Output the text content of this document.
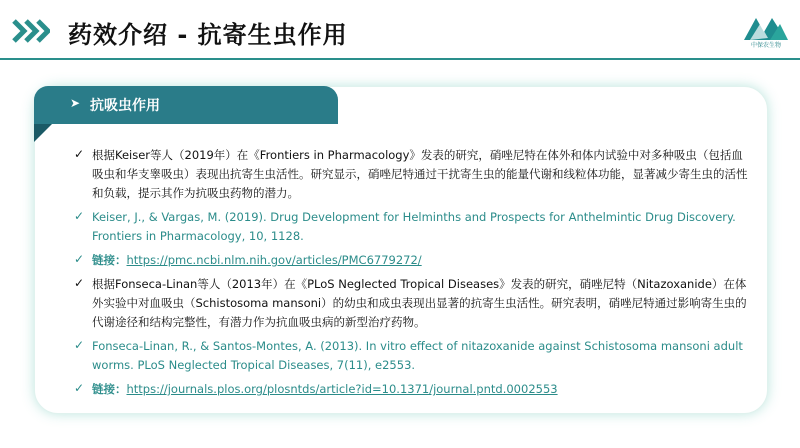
药效介绍 - 抗寄生虫作用	中保农生物
➤ 抗吸虫作用
✓ 根据Keiser等人（2019年）在《Frontiers in Pharmacology》发表的研究，硝唑尼特在体外和体内试验中对多种吸虫（包括血吸虫和华支睾吸虫）表现出抗寄生虫活性。研究显示，硝唑尼特通过干扰寄生虫的能量代谢和线粒体功能，显著减少寄生虫的活性和负载，提示其作为抗吸虫药物的潜力。
✓ Keiser, J., & Vargas, M. (2019). Drug Development for Helminths and Prospects for Anthelmintic Drug Discovery. Frontiers in Pharmacology, 10, 1128.
✓ 链接：https://pmc.ncbi.nlm.nih.gov/articles/PMC6779272/
✓ 根据Fonseca-Linan等人（2013年）在《PLoS Neglected Tropical Diseases》发表的研究，硝唑尼特（Nitazoxanide）在体外实验中对血吸虫（Schistosoma mansoni）的幼虫和成虫表现出显著的抗寄生虫活性。研究表明，硝唑尼特通过影响寄生虫的代谢途径和结构完整性，有潜力作为抗血吸虫病的新型治疗药物。
✓ Fonseca-Linan, R., & Santos-Montes, A. (2013). In vitro effect of nitazoxanide against Schistosoma mansoni adult worms. PLoS Neglected Tropical Diseases, 7(11), e2553.
✓ 链接：https://journals.plos.org/plosntds/article?id=10.1371/journal.pntd.0002553
